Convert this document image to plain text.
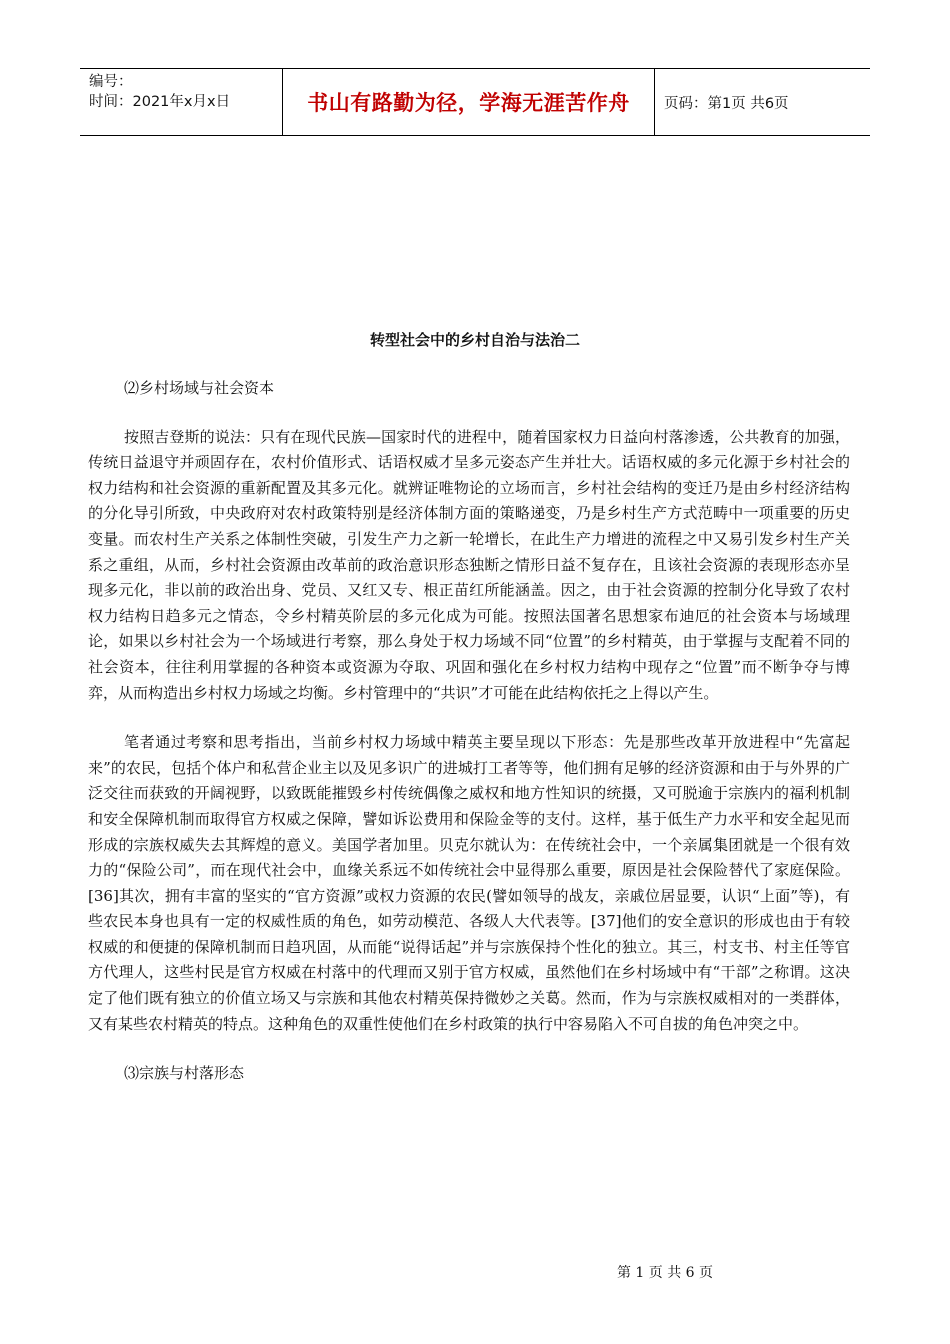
编号：
时间：2021年x月x日	书山有路勤为径，学海无涯苦作舟	页码：第1页 共6页
转型社会中的乡村自治与法治二

⑵乡村场域与社会资本

按照吉登斯的说法：只有在现代民族—国家时代的进程中，随着国家权力日益向村落渗透，公共教育的加强，传统日益退守并顽固存在，农村价值形式、话语权威才呈多元姿态产生并壮大。话语权威的多元化源于乡村社会的权力结构和社会资源的重新配置及其多元化。就辨证唯物论的立场而言，乡村社会结构的变迁乃是由乡村经济结构的分化导引所致，中央政府对农村政策特别是经济体制方面的策略递变，乃是乡村生产方式范畴中一项重要的历史变量。而农村生产关系之体制性突破，引发生产力之新一轮增长，在此生产力增进的流程之中又易引发乡村生产关系之重组，从而，乡村社会资源由改革前的政治意识形态独断之情形日益不复存在，且该社会资源的表现形态亦呈现多元化，非以前的政治出身、党员、又红又专、根正苗红所能涵盖。因之，由于社会资源的控制分化导致了农村权力结构日趋多元之情态，令乡村精英阶层的多元化成为可能。按照法国著名思想家布迪厄的社会资本与场域理论，如果以乡村社会为一个场域进行考察，那么身处于权力场域不同“位置”的乡村精英，由于掌握与支配着不同的社会资本，往往利用掌握的各种资本或资源为夺取、巩固和强化在乡村权力结构中现存之“位置”而不断争夺与博弈，从而构造出乡村权力场域之均衡。乡村管理中的“共识”才可能在此结构依托之上得以产生。

笔者通过考察和思考指出，当前乡村权力场域中精英主要呈现以下形态：先是那些改革开放进程中“先富起来”的农民，包括个体户和私营企业主以及见多识广的进城打工者等等，他们拥有足够的经济资源和由于与外界的广泛交往而获致的开阔视野，以致既能摧毁乡村传统偶像之威权和地方性知识的统摄，又可脱逾于宗族内的福利机制和安全保障机制而取得官方权威之保障，譬如诉讼费用和保险金等的支付。这样，基于低生产力水平和安全起见而形成的宗族权威失去其辉煌的意义。美国学者加里。贝克尔就认为：在传统社会中，一个亲属集团就是一个很有效力的“保险公司”，而在现代社会中，血缘关系远不如传统社会中显得那么重要，原因是社会保险替代了家庭保险。[36]其次，拥有丰富的坚实的“官方资源”或权力资源的农民(譬如领导的战友，亲戚位居显要，认识“上面”等)，有些农民本身也具有一定的权威性质的角色，如劳动模范、各级人大代表等。[37]他们的安全意识的形成也由于有较权威的和便捷的保障机制而日趋巩固，从而能“说得话起”并与宗族保持个性化的独立。其三，村支书、村主任等官方代理人，这些村民是官方权威在村落中的代理而又别于官方权威，虽然他们在乡村场域中有“干部”之称谓。这决定了他们既有独立的价值立场又与宗族和其他农村精英保持微妙之关葛。然而，作为与宗族权威相对的一类群体，又有某些农村精英的特点。这种角色的双重性使他们在乡村政策的执行中容易陷入不可自拔的角色冲突之中。

⑶宗族与村落形态

第 1 页 共 6 页
